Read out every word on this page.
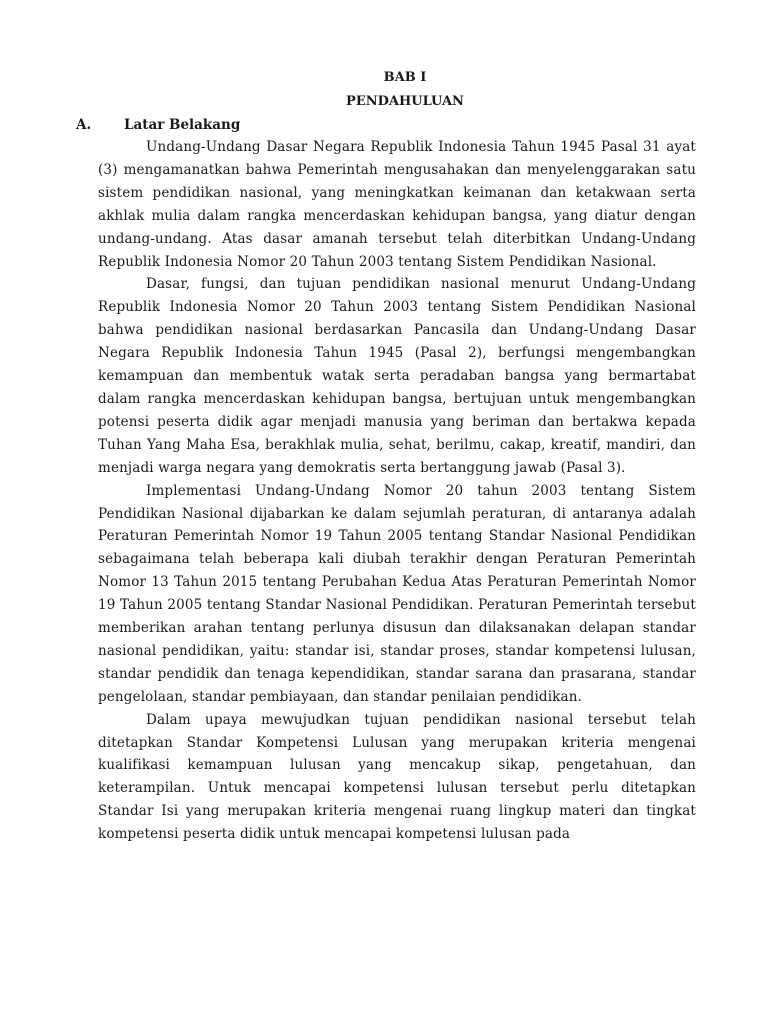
BAB I

PENDAHULUAN

A.	Latar Belakang

Undang-Undang Dasar Negara Republik Indonesia Tahun 1945 Pasal 31 ayat (3) mengamanatkan bahwa Pemerintah mengusahakan dan menyelenggarakan satu sistem pendidikan nasional, yang meningkatkan keimanan dan ketakwaan serta akhlak mulia dalam rangka mencerdaskan kehidupan bangsa, yang diatur dengan undang-undang. Atas dasar amanah tersebut telah diterbitkan Undang-Undang Republik Indonesia Nomor 20 Tahun 2003 tentang Sistem Pendidikan Nasional.

Dasar, fungsi, dan tujuan pendidikan nasional menurut Undang-Undang Republik Indonesia Nomor 20 Tahun 2003 tentang Sistem Pendidikan Nasional bahwa pendidikan nasional berdasarkan Pancasila dan Undang-Undang Dasar Negara Republik Indonesia Tahun 1945 (Pasal 2), berfungsi mengembangkan kemampuan dan membentuk watak serta peradaban bangsa yang bermartabat dalam rangka mencerdaskan kehidupan bangsa, bertujuan untuk mengembangkan potensi peserta didik agar menjadi manusia yang beriman dan bertakwa kepada Tuhan Yang Maha Esa, berakhlak mulia, sehat, berilmu, cakap, kreatif, mandiri, dan menjadi warga negara yang demokratis serta bertanggung jawab (Pasal 3).

Implementasi Undang-Undang Nomor 20 tahun 2003 tentang Sistem Pendidikan Nasional dijabarkan ke dalam sejumlah peraturan, di antaranya adalah Peraturan Pemerintah Nomor 19 Tahun 2005 tentang Standar Nasional Pendidikan sebagaimana telah beberapa kali diubah terakhir dengan Peraturan Pemerintah Nomor 13 Tahun 2015 tentang Perubahan Kedua Atas Peraturan Pemerintah Nomor 19 Tahun 2005 tentang Standar Nasional Pendidikan. Peraturan Pemerintah tersebut memberikan arahan tentang perlunya disusun dan dilaksanakan delapan standar nasional pendidikan, yaitu: standar isi, standar proses, standar kompetensi lulusan, standar pendidik dan tenaga kependidikan, standar sarana dan prasarana, standar pengelolaan, standar pembiayaan, dan standar penilaian pendidikan.

Dalam upaya mewujudkan tujuan pendidikan nasional tersebut telah ditetapkan Standar Kompetensi Lulusan yang merupakan kriteria mengenai kualifikasi kemampuan lulusan yang mencakup sikap, pengetahuan, dan keterampilan. Untuk mencapai kompetensi lulusan tersebut perlu ditetapkan Standar Isi yang merupakan kriteria mengenai ruang lingkup materi dan tingkat kompetensi peserta didik untuk mencapai kompetensi lulusan pada
